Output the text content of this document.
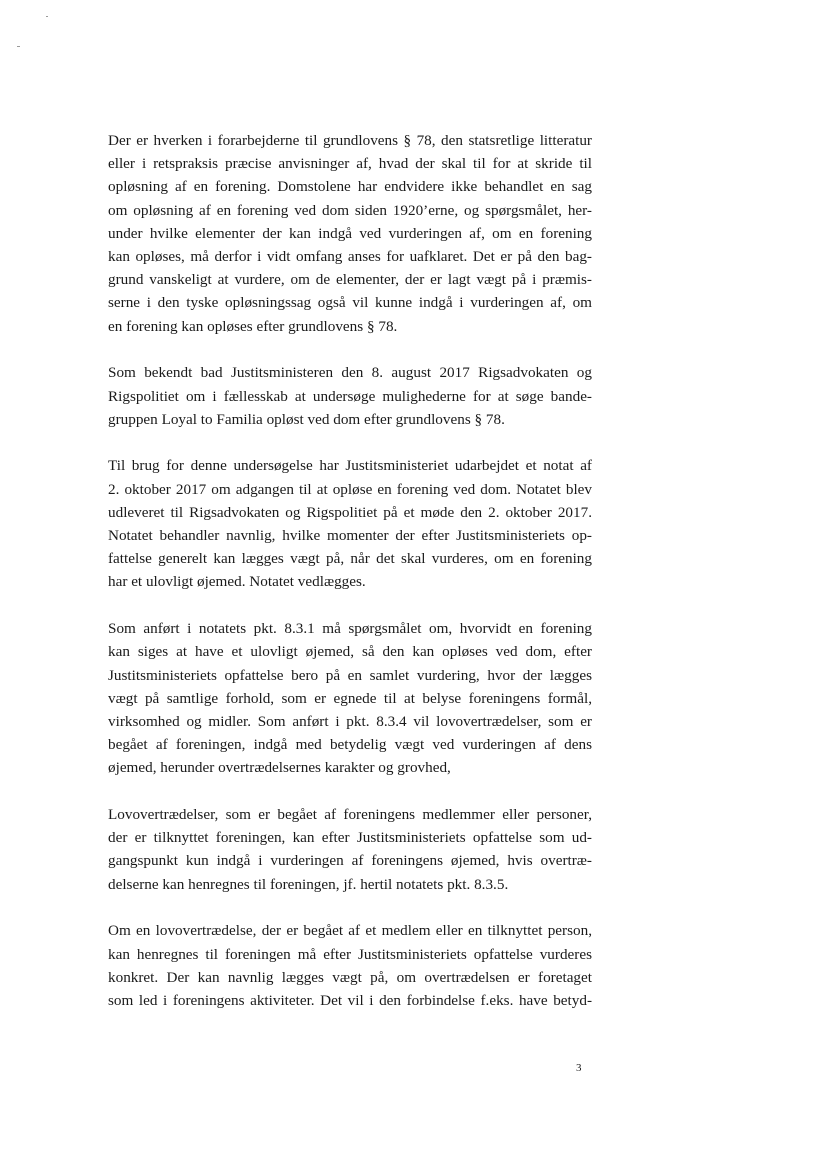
Der er hverken i forarbejderne til grundlovens § 78, den statsretlige litteratur
eller i retspraksis præcise anvisninger af, hvad der skal til for at skride til
opløsning af en forening. Domstolene har endvidere ikke behandlet en sag
om opløsning af en forening ved dom siden 1920’erne, og spørgsmålet, her-
under hvilke elementer der kan indgå ved vurderingen af, om en forening
kan opløses, må derfor i vidt omfang anses for uafklaret. Det er på den bag-
grund vanskeligt at vurdere, om de elementer, der er lagt vægt på i præmis-
serne i den tyske opløsningssag også vil kunne indgå i vurderingen af, om
en forening kan opløses efter grundlovens § 78.

Som bekendt bad Justitsministeren den 8. august 2017 Rigsadvokaten og
Rigspolitiet om i fællesskab at undersøge mulighederne for at søge bande-
gruppen Loyal to Familia opløst ved dom efter grundlovens § 78.

Til brug for denne undersøgelse har Justitsministeriet udarbejdet et notat af
2. oktober 2017 om adgangen til at opløse en forening ved dom. Notatet blev
udleveret til Rigsadvokaten og Rigspolitiet på et møde den 2. oktober 2017.
Notatet behandler navnlig, hvilke momenter der efter Justitsministeriets op-
fattelse generelt kan lægges vægt på, når det skal vurderes, om en forening
har et ulovligt øjemed. Notatet vedlægges.

Som anført i notatets pkt. 8.3.1 må spørgsmålet om, hvorvidt en forening
kan siges at have et ulovligt øjemed, så den kan opløses ved dom, efter
Justitsministeriets opfattelse bero på en samlet vurdering, hvor der lægges
vægt på samtlige forhold, som er egnede til at belyse foreningens formål,
virksomhed og midler. Som anført i pkt. 8.3.4 vil lovovertrædelser, som er
begået af foreningen, indgå med betydelig vægt ved vurderingen af dens
øjemed, herunder overtrædelsernes karakter og grovhed,

Lovovertrædelser, som er begået af foreningens medlemmer eller personer,
der er tilknyttet foreningen, kan efter Justitsministeriets opfattelse som ud-
gangspunkt kun indgå i vurderingen af foreningens øjemed, hvis overtræ-
delserne kan henregnes til foreningen, jf. hertil notatets pkt. 8.3.5.

Om en lovovertrædelse, der er begået af et medlem eller en tilknyttet person,
kan henregnes til foreningen må efter Justitsministeriets opfattelse vurderes
konkret. Der kan navnlig lægges vægt på, om overtrædelsen er foretaget
som led i foreningens aktiviteter. Det vil i den forbindelse f.eks. have betyd-

3
